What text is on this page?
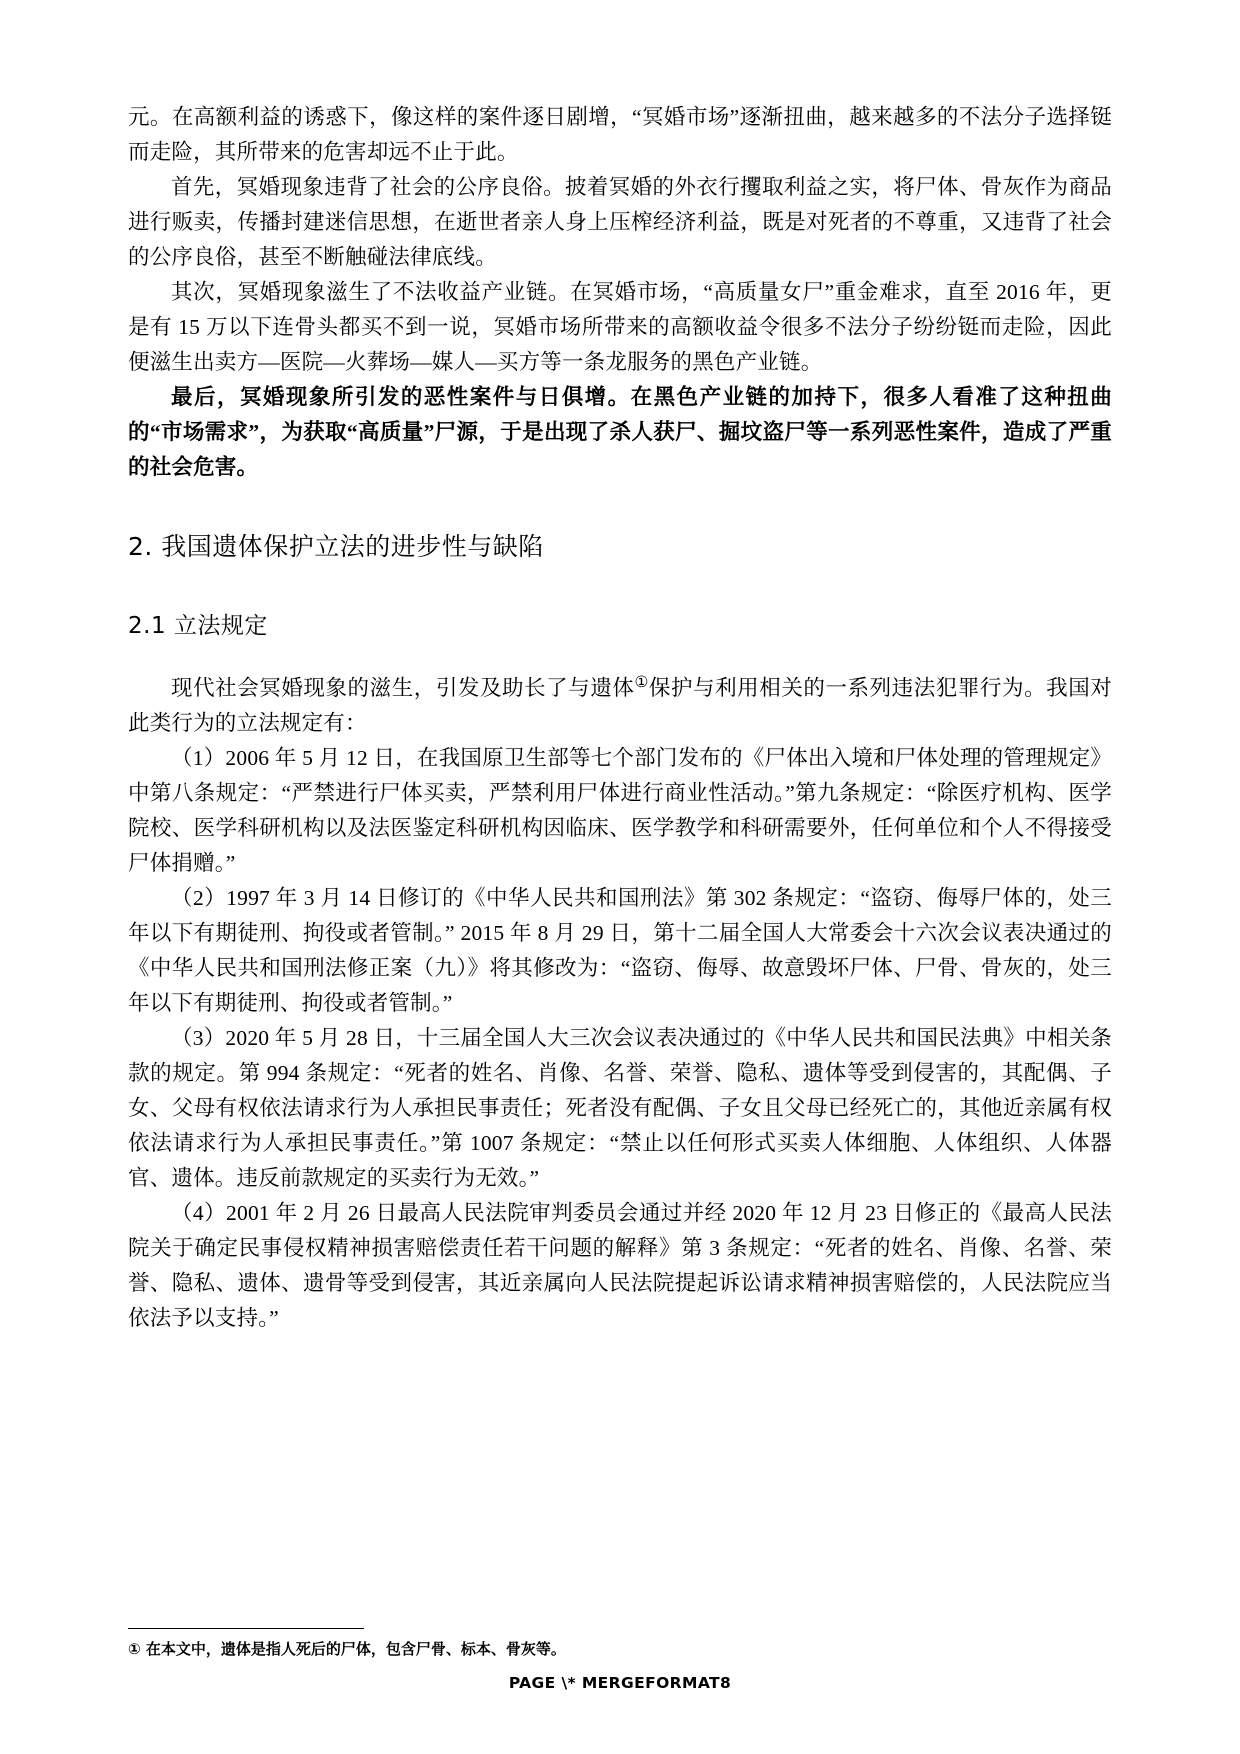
元。在高额利益的诱惑下，像这样的案件逐日剧增，“冥婚市场”逐渐扭曲，越来越多的不法分子选择铤而走险，其所带来的危害却远不止于此。

首先，冥婚现象违背了社会的公序良俗。披着冥婚的外衣行攫取利益之实，将尸体、骨灰作为商品进行贩卖，传播封建迷信思想，在逝世者亲人身上压榨经济利益，既是对死者的不尊重，又违背了社会的公序良俗，甚至不断触碰法律底线。

其次，冥婚现象滋生了不法收益产业链。在冥婚市场，“高质量女尸”重金难求，直至 2016 年，更是有 15 万以下连骨头都买不到一说，冥婚市场所带来的高额收益令很多不法分子纷纷铤而走险，因此便滋生出卖方—医院—火葬场—媒人—买方等一条龙服务的黑色产业链。

最后，冥婚现象所引发的恶性案件与日俱增。在黑色产业链的加持下，很多人看准了这种扭曲的“市场需求”，为获取“高质量”尸源，于是出现了杀人获尸、掘坟盗尸等一系列恶性案件，造成了严重的社会危害。

2. 我国遗体保护立法的进步性与缺陷
2.1 立法规定

现代社会冥婚现象的滋生，引发及助长了与遗体①保护与利用相关的一系列违法犯罪行为。我国对此类行为的立法规定有：

（1）2006 年 5 月 12 日，在我国原卫生部等七个部门发布的《尸体出入境和尸体处理的管理规定》中第八条规定：“严禁进行尸体买卖，严禁利用尸体进行商业性活动。”第九条规定：“除医疗机构、医学院校、医学科研机构以及法医鉴定科研机构因临床、医学教学和科研需要外，任何单位和个人不得接受尸体捐赠。”

（2）1997 年 3 月 14 日修订的《中华人民共和国刑法》第 302 条规定：“盗窃、侮辱尸体的，处三年以下有期徒刑、拘役或者管制。” 2015 年 8 月 29 日，第十二届全国人大常委会十六次会议表决通过的《中华人民共和国刑法修正案（九）》将其修改为：“盗窃、侮辱、故意毁坏尸体、尸骨、骨灰的，处三年以下有期徒刑、拘役或者管制。”

（3）2020 年 5 月 28 日，十三届全国人大三次会议表决通过的《中华人民共和国民法典》中相关条款的规定。第 994 条规定：“死者的姓名、肖像、名誉、荣誉、隐私、遗体等受到侵害的，其配偶、子女、父母有权依法请求行为人承担民事责任；死者没有配偶、子女且父母已经死亡的，其他近亲属有权依法请求行为人承担民事责任。”第 1007 条规定：“禁止以任何形式买卖人体细胞、人体组织、人体器官、遗体。违反前款规定的买卖行为无效。”

（4）2001 年 2 月 26 日最高人民法院审判委员会通过并经 2020 年 12 月 23 日修正的《最高人民法院关于确定民事侵权精神损害赔偿责任若干问题的解释》第 3 条规定：“死者的姓名、肖像、名誉、荣誉、隐私、遗体、遗骨等受到侵害，其近亲属向人民法院提起诉讼请求精神损害赔偿的，人民法院应当依法予以支持。”

① 在本文中，遗体是指人死后的尸体，包含尸骨、标本、骨灰等。
PAGE \* MERGEFORMAT8
